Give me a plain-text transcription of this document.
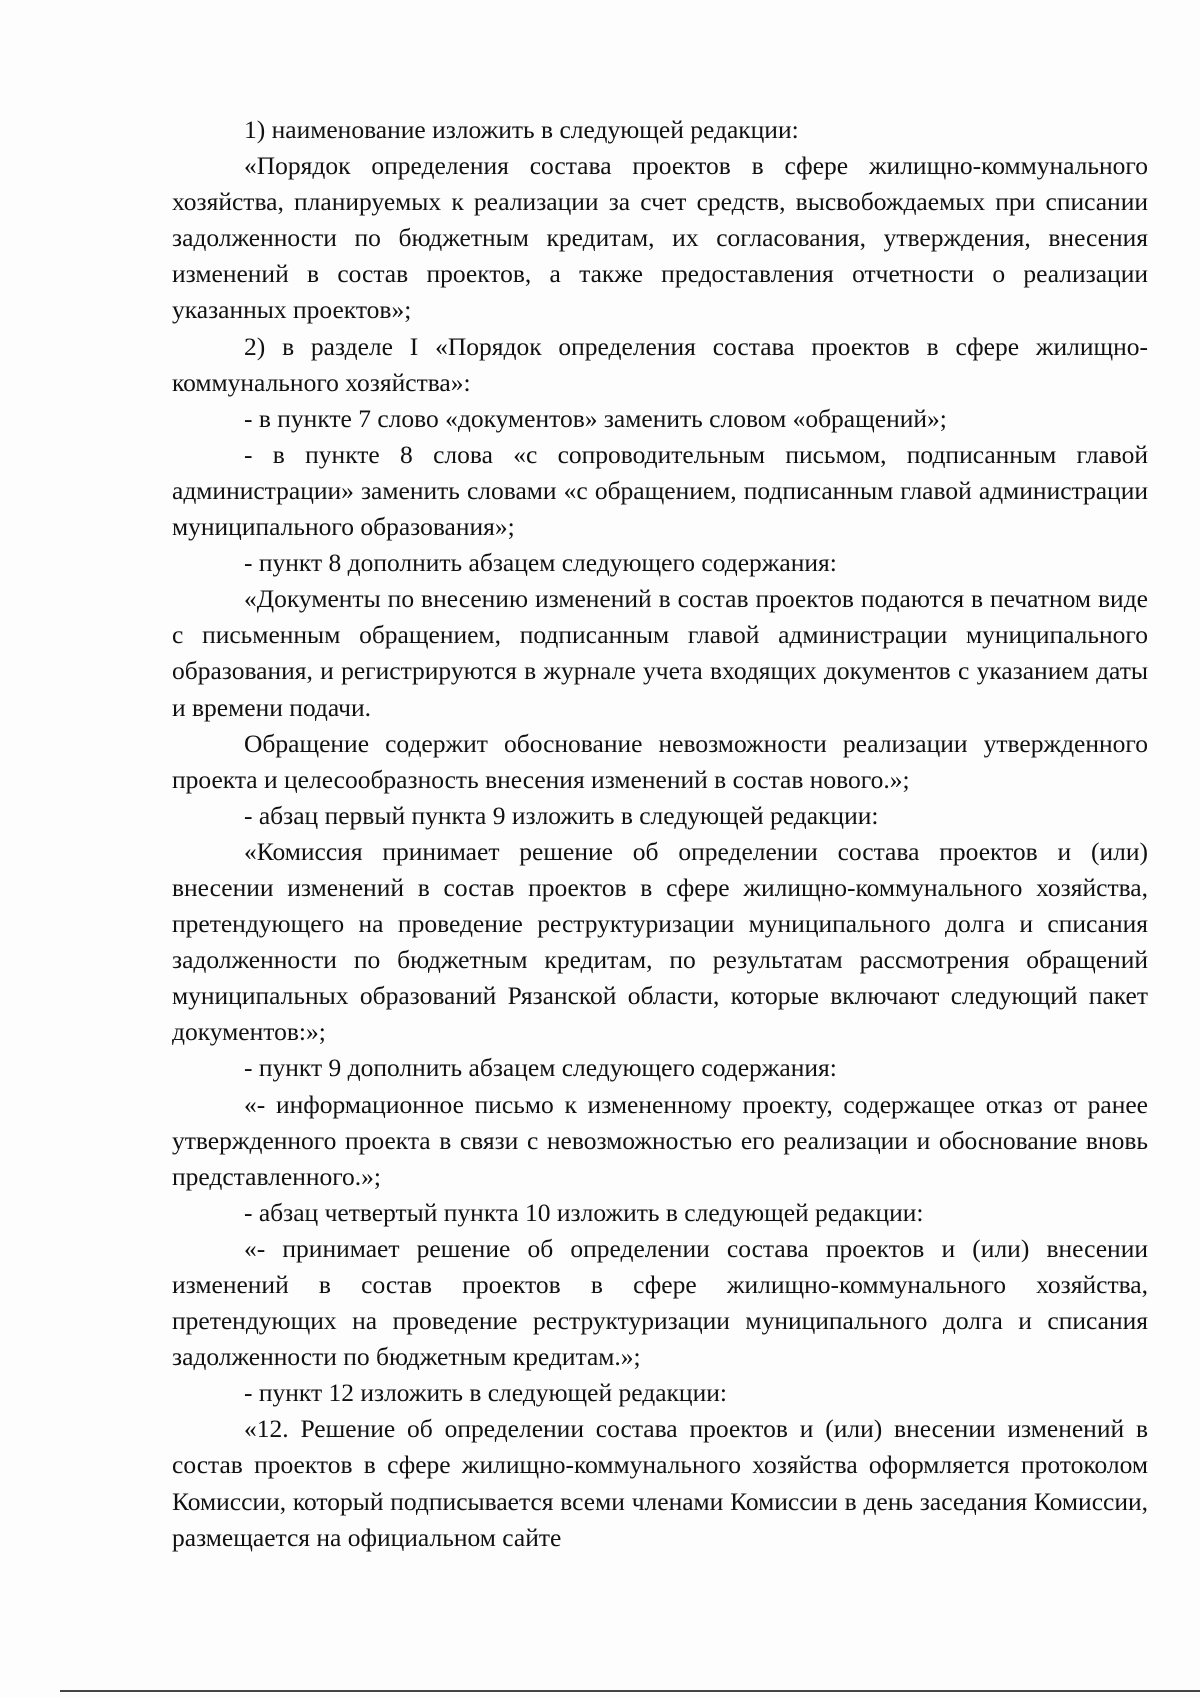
1) наименование изложить в следующей редакции:

«Порядок определения состава проектов в сфере жилищно-коммунального хозяйства, планируемых к реализации за счет средств, высвобождаемых при списании задолженности по бюджетным кредитам, их согласования, утверждения, внесения изменений в состав проектов, а также предоставления отчетности о реализации указанных проектов»;

2) в разделе I «Порядок определения состава проектов в сфере жилищно-коммунального хозяйства»:

- в пункте 7 слово «документов» заменить словом «обращений»;

- в пункте 8 слова «с сопроводительным письмом, подписанным главой администрации» заменить словами «с обращением, подписанным главой администрации муниципального образования»;

- пункт 8 дополнить абзацем следующего содержания:

«Документы по внесению изменений в состав проектов подаются в печатном виде с письменным обращением, подписанным главой администрации муниципального образования, и регистрируются в журнале учета входящих документов с указанием даты и времени подачи.

Обращение содержит обоснование невозможности реализации утвержденного проекта и целесообразность внесения изменений в состав нового.»;

- абзац первый пункта 9 изложить в следующей редакции:

«Комиссия принимает решение об определении состава проектов и (или) внесении изменений в состав проектов в сфере жилищно-коммунального хозяйства, претендующего на проведение реструктуризации муниципального долга и списания задолженности по бюджетным кредитам, по результатам рассмотрения обращений муниципальных образований Рязанской области, которые включают следующий пакет документов:»;

- пункт 9 дополнить абзацем следующего содержания:

«- информационное письмо к измененному проекту, содержащее отказ от ранее утвержденного проекта в связи с невозможностью его реализации и обоснование вновь представленного.»;

- абзац четвертый пункта 10 изложить в следующей редакции:

«- принимает решение об определении состава проектов и (или) внесении изменений в состав проектов в сфере жилищно-коммунального хозяйства, претендующих на проведение реструктуризации муниципального долга и списания задолженности по бюджетным кредитам.»;

- пункт 12 изложить в следующей редакции:

«12. Решение об определении состава проектов и (или) внесении изменений в состав проектов в сфере жилищно-коммунального хозяйства оформляется протоколом Комиссии, который подписывается всеми членами Комиссии в день заседания Комиссии, размещается на официальном сайте
